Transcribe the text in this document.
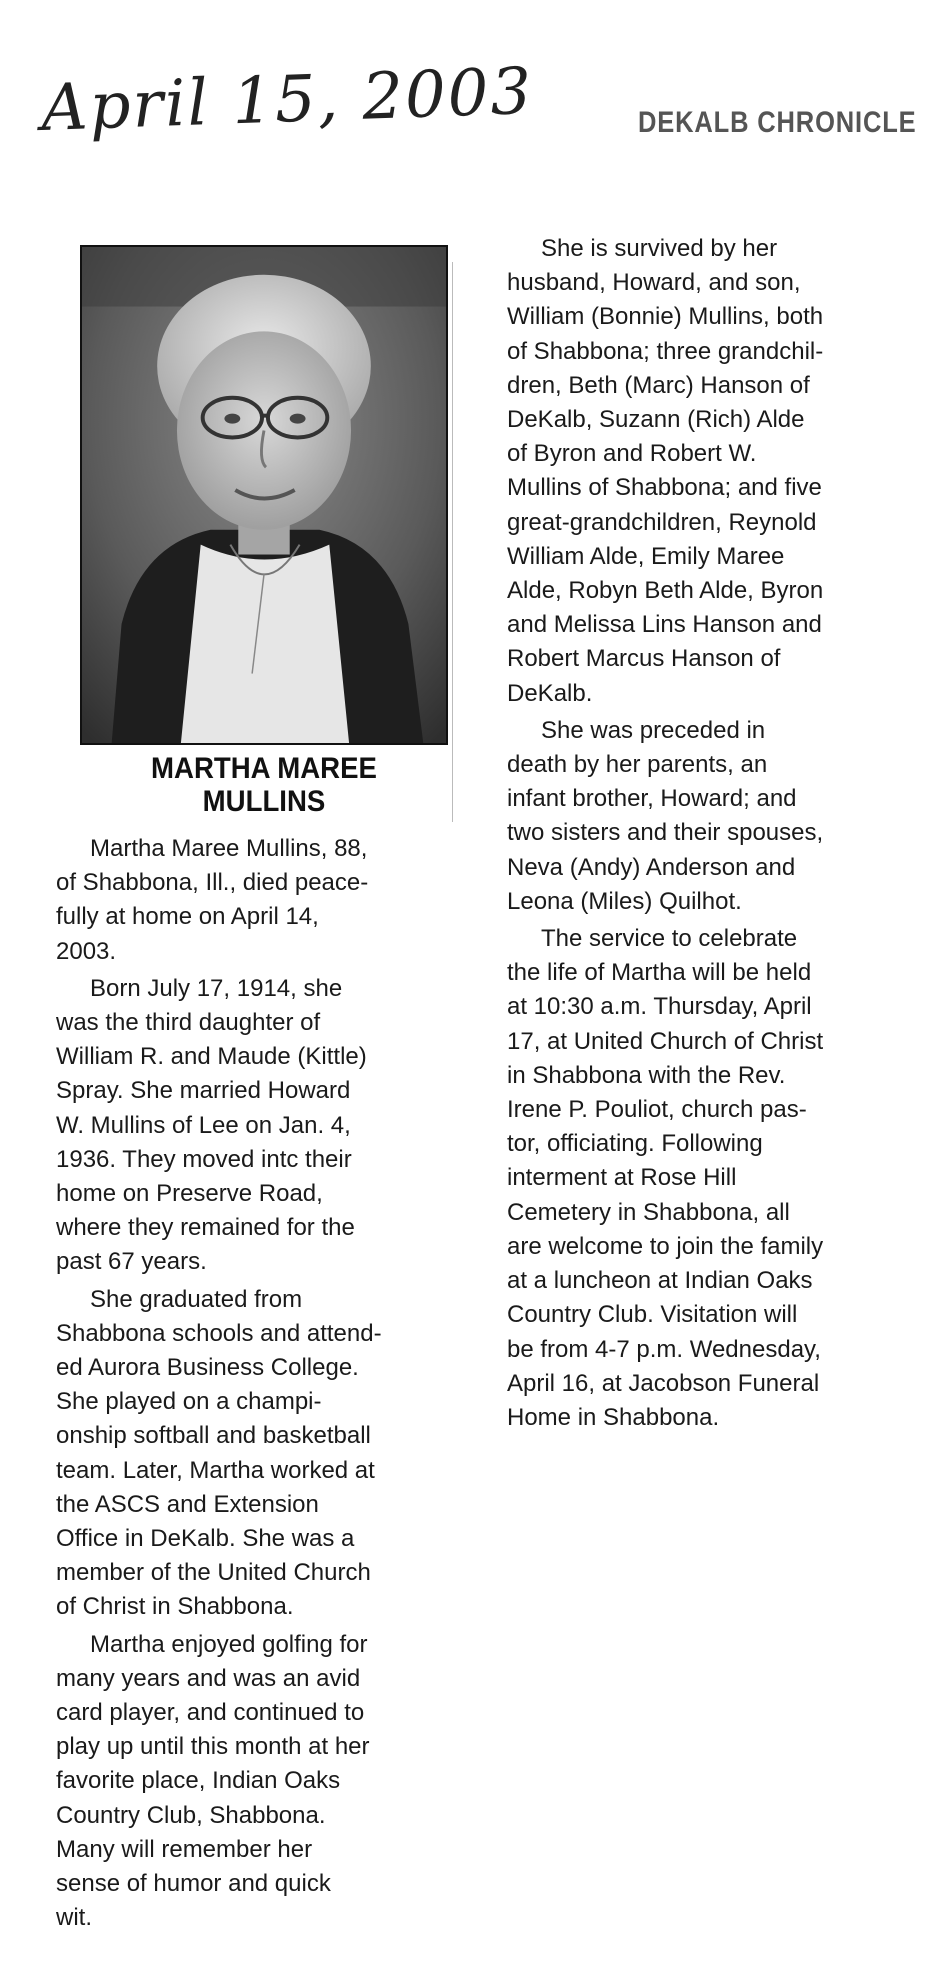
April 15, 2003	DEKALB CHRONICLE
MARTHA MAREE
MULLINS

Martha Maree Mullins, 88,
of Shabbona, Ill., died peace-
fully at home on April 14,
2003.

Born July 17, 1914, she
was the third daughter of
William R. and Maude (Kittle)
Spray. She married Howard
W. Mullins of Lee on Jan. 4,
1936. They moved intc their
home on Preserve Road,
where they remained for the
past 67 years.

She graduated from
Shabbona schools and attend-
ed Aurora Business College.
She played on a champi-
onship softball and basketball
team. Later, Martha worked at
the ASCS and Extension
Office in DeKalb. She was a
member of the United Church
of Christ in Shabbona.

Martha enjoyed golfing for
many years and was an avid
card player, and continued to
play up until this month at her
favorite place, Indian Oaks
Country Club, Shabbona.
Many will remember her
sense of humor and quick
wit.

She is survived by her
husband, Howard, and son,
William (Bonnie) Mullins, both
of Shabbona; three grandchil-
dren, Beth (Marc) Hanson of
DeKalb, Suzann (Rich) Alde
of Byron and Robert W.
Mullins of Shabbona; and five
great-grandchildren, Reynold
William Alde, Emily Maree
Alde, Robyn Beth Alde, Byron
and Melissa Lins Hanson and
Robert Marcus Hanson of
DeKalb.

She was preceded in
death by her parents, an
infant brother, Howard; and
two sisters and their spouses,
Neva (Andy) Anderson and
Leona (Miles) Quilhot.

The service to celebrate
the life of Martha will be held
at 10:30 a.m. Thursday, April
17, at United Church of Christ
in Shabbona with the Rev.
Irene P. Pouliot, church pas-
tor, officiating. Following
interment at Rose Hill
Cemetery in Shabbona, all
are welcome to join the family
at a luncheon at Indian Oaks
Country Club. Visitation will
be from 4-7 p.m. Wednesday,
April 16, at Jacobson Funeral
Home in Shabbona.
